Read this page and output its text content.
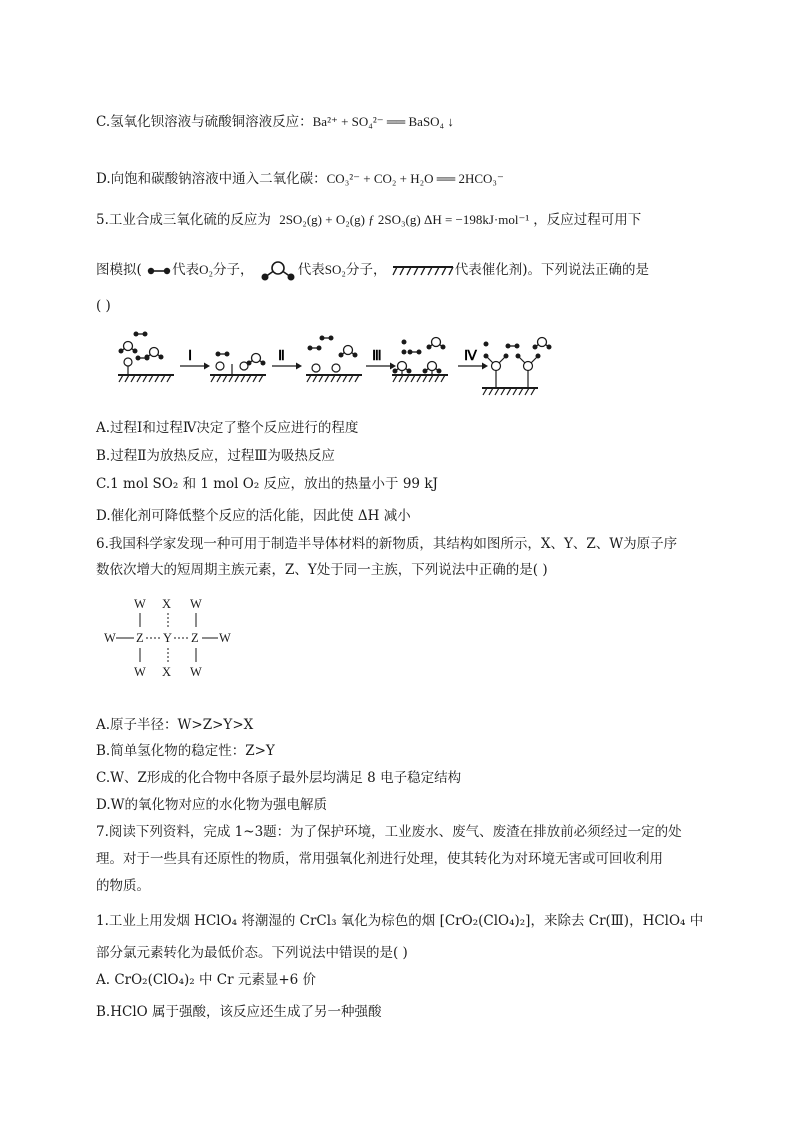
C.氢氧化钡溶液与硫酸铜溶液反应：Ba²⁺ + SO₄²⁻ ══ BaSO₄ ↓
D.向饱和碳酸钠溶液中通入二氧化碳：CO₃²⁻ + CO₂ + H₂O ══ 2HCO₃⁻
5.工业合成三氧化硫的反应为 2SO₂(g) + O₂(g) ƒ 2SO₃(g) ΔH = −198kJ·mol⁻¹ ，反应过程可用下
图模拟( 代表O₂分子，	代表SO₂分子，	代表催化剂)。下列说法正确的是
( )
Ⅰ	Ⅱ	Ⅲ	Ⅳ
A.过程Ⅰ和过程Ⅳ决定了整个反应进行的程度
B.过程Ⅱ为放热反应，过程Ⅲ为吸热反应
C.1 mol SO₂ 和 1 mol O₂ 反应，放出的热量小于 99 kJ
D.催化剂可降低整个反应的活化能，因此使 ΔH 减小
6.我国科学家发现一种可用于制造半导体材料的新物质，其结构如图所示，X、Y、Z、W为原子序
数依次增大的短周期主族元素，Z、Y处于同一主族，下列说法中正确的是( )
W X W
W Z Y Z W
W X W
A.原子半径：W>Z>Y>X
B.简单氢化物的稳定性：Z>Y
C.W、Z形成的化合物中各原子最外层均满足 8 电子稳定结构
D.W的氧化物对应的水化物为强电解质
7.阅读下列资料，完成 1~3题：为了保护环境，工业废水、废气、废渣在排放前必须经过一定的处
理。对于一些具有还原性的物质，常用强氧化剂进行处理，使其转化为对环境无害或可回收利用
的物质。
1.工业上用发烟 HClO₄ 将潮湿的 CrCl₃ 氧化为棕色的烟 [CrO₂(ClO₄)₂]，来除去 Cr(Ⅲ)，HClO₄ 中
部分氯元素转化为最低价态。下列说法中错误的是( )
A. CrO₂(ClO₄)₂ 中 Cr 元素显+6 价
B.HClO 属于强酸，该反应还生成了另一种强酸
